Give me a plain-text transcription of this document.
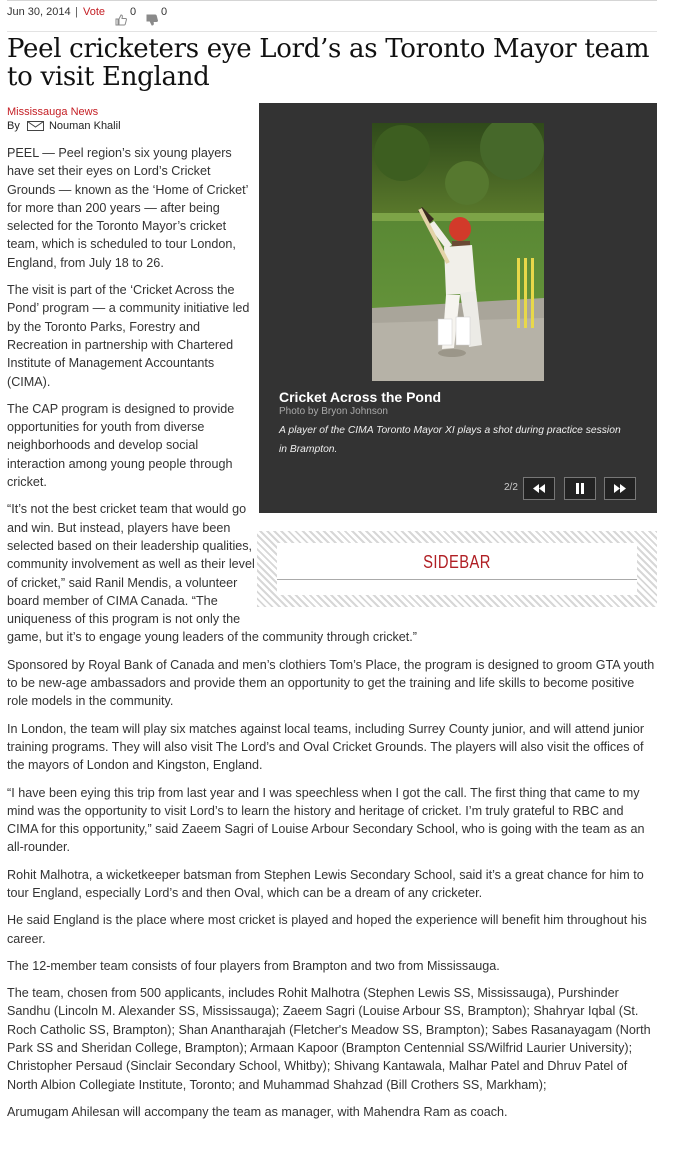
Jun 30, 2014 | Vote 0 0
Peel cricketers eye Lord’s as Toronto Mayor team to visit England
Mississauga News
By	Nouman Khalil

PEEL — Peel region’s six young players have set their eyes on Lord’s Cricket Grounds — known as the ‘Home of Cricket’ for more than 200 years — after being selected for the Toronto Mayor’s cricket team, which is scheduled to tour London, England, from July 18 to 26.

The visit is part of the ‘Cricket Across the Pond’ program — a community initiative led by the Toronto Parks, Forestry and Recreation in partnership with Chartered Institute of Management Accountants (CIMA).

The CAP program is designed to provide opportunities for youth from diverse neighborhoods and develop social interaction among young people through cricket.

“It’s not the best cricket team that would go and win. But instead, players have been selected based on their leadership qualities, community involvement as well as their level of cricket,” said Ranil Mendis, a volunteer board member of CIMA Canada. “The uniqueness of this program is not only the game, but it’s to engage young leaders of the community through cricket.”

Sponsored by Royal Bank of Canada and men’s clothiers Tom’s Place, the program is designed to groom GTA youth to be new-age ambassadors and provide them an opportunity to get the training and life skills to become positive role models in the community.

In London, the team will play six matches against local teams, including Surrey County junior, and will attend junior training programs. They will also visit The Lord’s and Oval Cricket Grounds. The players will also visit the offices of the mayors of London and Kingston, England.

“I have been eying this trip from last year and I was speechless when I got the call. The first thing that came to my mind was the opportunity to visit Lord’s to learn the history and heritage of cricket. I’m truly grateful to RBC and CIMA for this opportunity,” said Zaeem Sagri of Louise Arbour Secondary School, who is going with the team as an all-rounder.

Rohit Malhotra, a wicketkeeper batsman from Stephen Lewis Secondary School, said it’s a great chance for him to tour England, especially Lord’s and then Oval, which can be a dream of any cricketer.

He said England is the place where most cricket is played and hoped the experience will benefit him throughout his career.

The 12-member team consists of four players from Brampton and two from Mississauga.

The team, chosen from 500 applicants, includes Rohit Malhotra (Stephen Lewis SS, Mississauga), Purshinder Sandhu (Lincoln M. Alexander SS, Mississauga); Zaeem Sagri (Louise Arbour SS, Brampton); Shahryar Iqbal (St. Roch Catholic SS, Brampton); Shan Anantharajah (Fletcher's Meadow SS, Brampton); Sabes Rasanayagam (North Park SS and Sheridan College, Brampton); Armaan Kapoor (Brampton Centennial SS/Wilfrid Laurier University); Christopher Persaud (Sinclair Secondary School, Whitby); Shivang Kantawala, Malhar Patel and Dhruv Patel of North Albion Collegiate Institute, Toronto; and Muhammad Shahzad (Bill Crothers SS, Markham);

Arumugam Ahilesan will accompany the team as manager, with Mahendra Ram as coach.

Cricket Across the Pond
Photo by Bryon Johnson
A player of the CIMA Toronto Mayor XI plays a shot during practice session in Brampton.
2/2
SIDEBAR
